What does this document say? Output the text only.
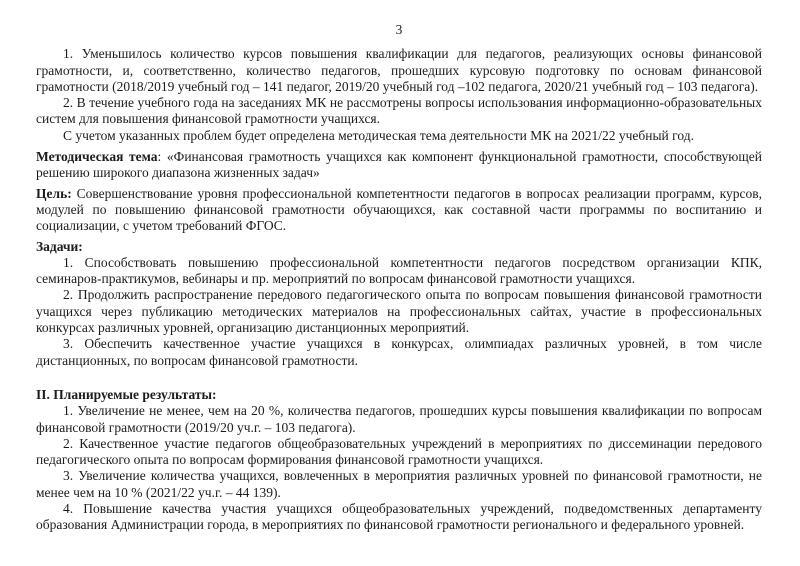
3

1. Уменьшилось количество курсов повышения квалификации для педагогов, реализующих основы финансовой грамотности, и, соответственно, количество педагогов, прошедших курсовую подготовку по основам финансовой грамотности (2018/2019 учебный год – 141 педагог, 2019/20 учебный год –102 педагога, 2020/21 учебный год – 103 педагога).

2. В течение учебного года на заседаниях МК не рассмотрены вопросы использования информационно-образовательных систем для повышения финансовой грамотности учащихся.

С учетом указанных проблем будет определена методическая тема деятельности МК на 2021/22 учебный год.

Методическая тема: «Финансовая грамотность учащихся как компонент функциональной грамотности, способствующей решению широкого диапазона жизненных задач»

Цель: Совершенствование уровня профессиональной компетентности педагогов в вопросах реализации программ, курсов, модулей по повышению финансовой грамотности обучающихся, как составной части программы по воспитанию и социализации, с учетом требований ФГОС.

Задачи:

1. Способствовать повышению профессиональной компетентности педагогов посредством организации КПК, семинаров-практикумов, вебинары и пр. мероприятий по вопросам финансовой грамотности учащихся.

2. Продолжить распространение передового педагогического опыта по вопросам повышения финансовой грамотности учащихся через публикацию методических материалов на профессиональных сайтах, участие в профессиональных конкурсах различных уровней, организацию дистанционных мероприятий.

3. Обеспечить качественное участие учащихся в конкурсах, олимпиадах различных уровней, в том числе дистанционных, по вопросам финансовой грамотности.

II. Планируемые результаты:

1. Увеличение не менее, чем на 20 %, количества педагогов, прошедших курсы повышения квалификации по вопросам финансовой грамотности (2019/20 уч.г. – 103 педагога).

2. Качественное участие педагогов общеобразовательных учреждений в мероприятиях по диссеминации передового педагогического опыта по вопросам формирования финансовой грамотности учащихся.

3. Увеличение количества учащихся, вовлеченных в мероприятия различных уровней по финансовой грамотности, не менее чем на 10 % (2021/22 уч.г. – 44 139).

4. Повышение качества участия учащихся общеобразовательных учреждений, подведомственных департаменту образования Администрации города, в мероприятиях по финансовой грамотности регионального и федерального уровней.
